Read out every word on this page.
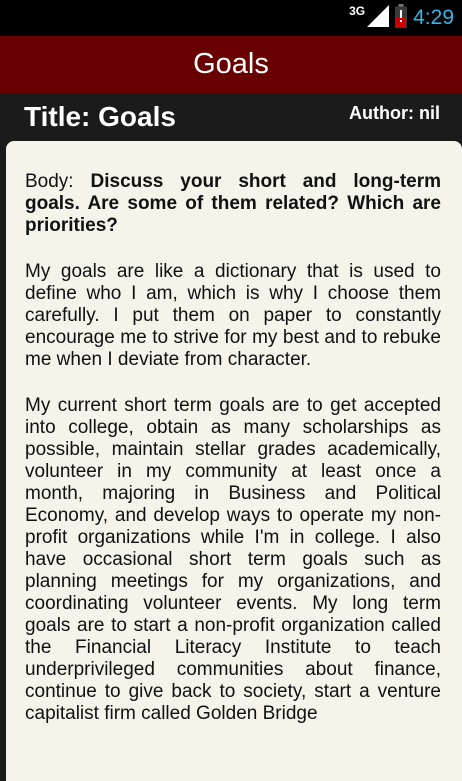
3G 4:29
Goals
Title: Goals	Author: nil

Body: Discuss your short and long-term goals. Are some of them related? Which are priorities?

My goals are like a dictionary that is used to define who I am, which is why I choose them carefully. I put them on paper to constantly encourage me to strive for my best and to rebuke me when I deviate from character.

My current short term goals are to get accepted into college, obtain as many scholarships as possible, maintain stellar grades academically, volunteer in my community at least once a month, majoring in Business and Political Economy, and develop ways to operate my non-profit organizations while I'm in college. I also have occasional short term goals such as planning meetings for my organizations, and coordinating volunteer events. My long term goals are to start a non-profit organization called the Financial Literacy Institute to teach underprivileged communities about finance, continue to give back to society, start a venture capitalist firm called Golden Bridge
